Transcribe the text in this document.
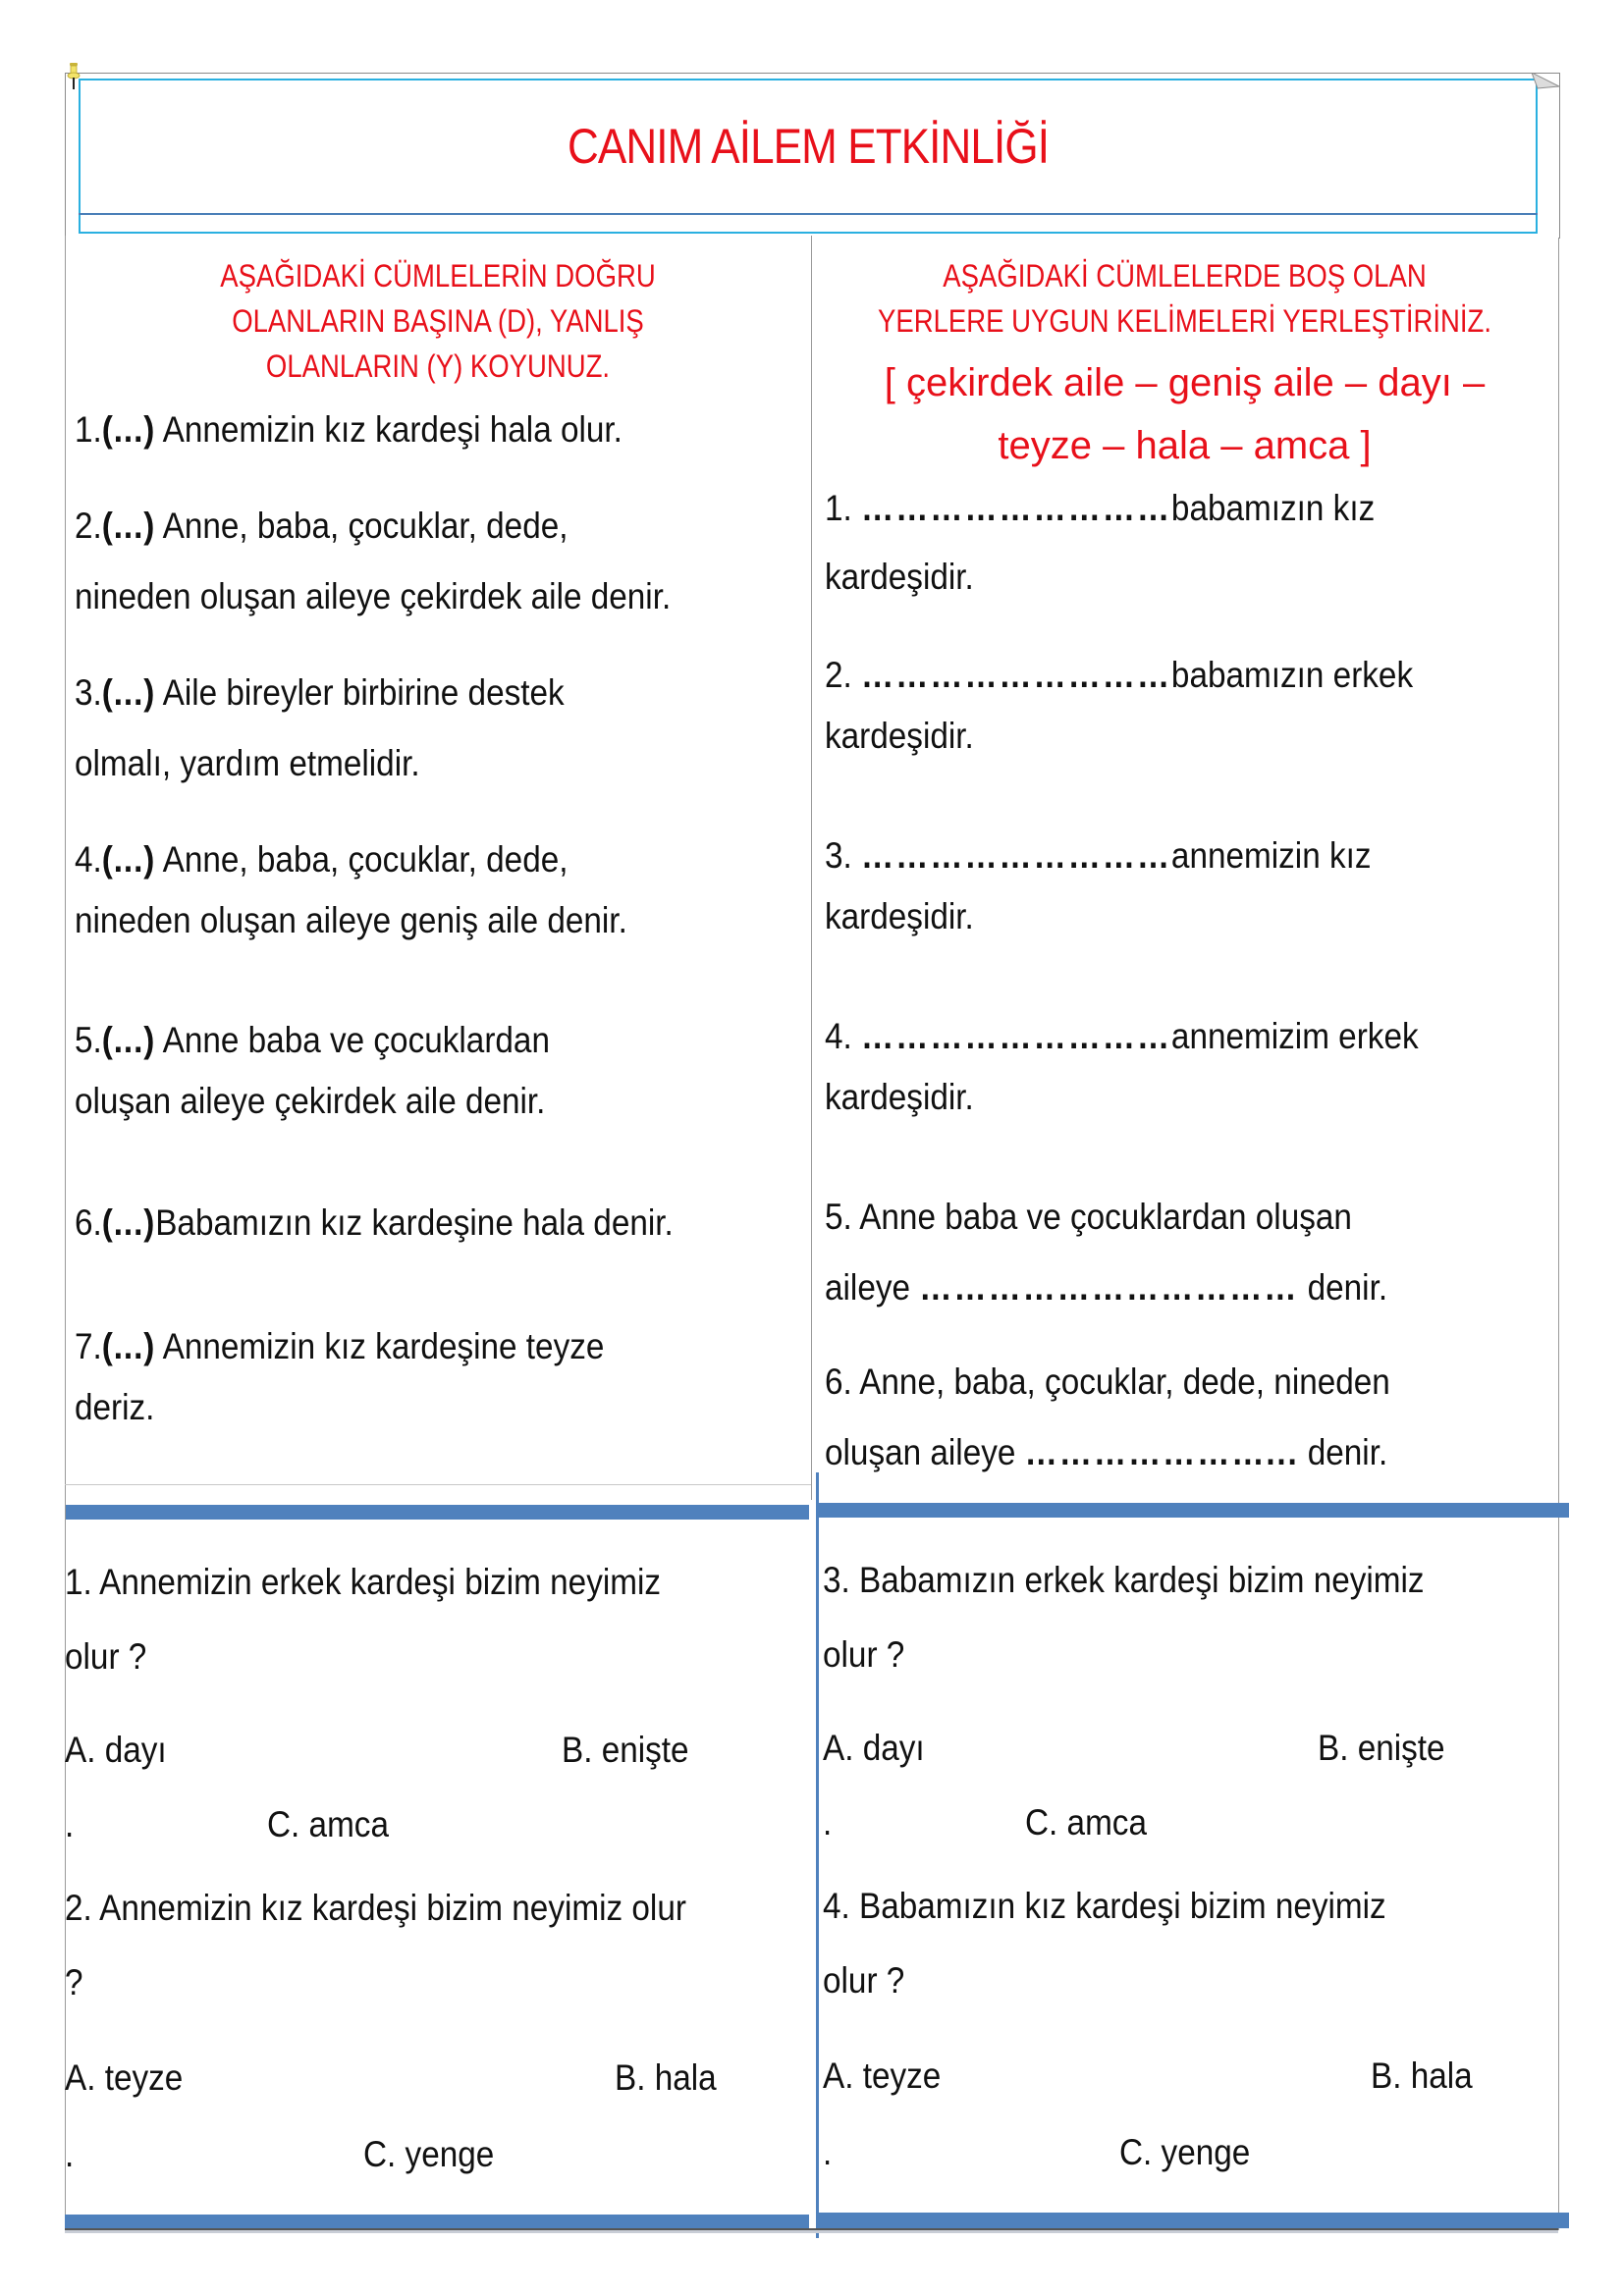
CANIM AİLEM ETKİNLİĞİ
AŞAĞIDAKİ CÜMLELERİN DOĞRU
OLANLARIN BAŞINA (D), YANLIŞ
OLANLARIN (Y) KOYUNUZ.
1.(...) Annemizin kız kardeşi hala olur.
2.(...) Anne, baba, çocuklar, dede,
nineden oluşan aileye çekirdek aile denir.
3.(...) Aile bireyler birbirine destek
olmalı, yardım etmelidir.
4.(...) Anne, baba, çocuklar, dede,
nineden oluşan aileye geniş aile denir.
5.(...) Anne baba ve çocuklardan
oluşan aileye çekirdek aile denir.
6.(...)Babamızın kız kardeşine hala denir.
7.(...) Annemizin kız kardeşine teyze
deriz.
AŞAĞIDAKİ CÜMLELERDE BOŞ OLAN
YERLERE UYGUN KELİMELERİ YERLEŞTİRİNİZ.
[ çekirdek aile – geniş aile – dayı –
teyze – hala – amca ]
1. ………………………babamızın kız
kardeşidir.
2. ………………………babamızın erkek
kardeşidir.
3. ………………………annemizin kız
kardeşidir.
4. ………………………annemizim erkek
kardeşidir.
5. Anne baba ve çocuklardan oluşan
aileye …………………………… denir.
6. Anne, baba, çocuklar, dede, nineden
oluşan aileye …………………... denir.
1. Annemizin erkek kardeşi bizim neyimiz
olur ?
A. dayı	B. enişte
.	C. amca
2. Annemizin kız kardeşi bizim neyimiz olur
?
A. teyze	B. hala
.	C. yenge
3. Babamızın erkek kardeşi bizim neyimiz
olur ?
A. dayı	B. enişte
.	C. amca
4. Babamızın kız kardeşi bizim neyimiz
olur ?
A. teyze	B. hala
.	C. yenge
